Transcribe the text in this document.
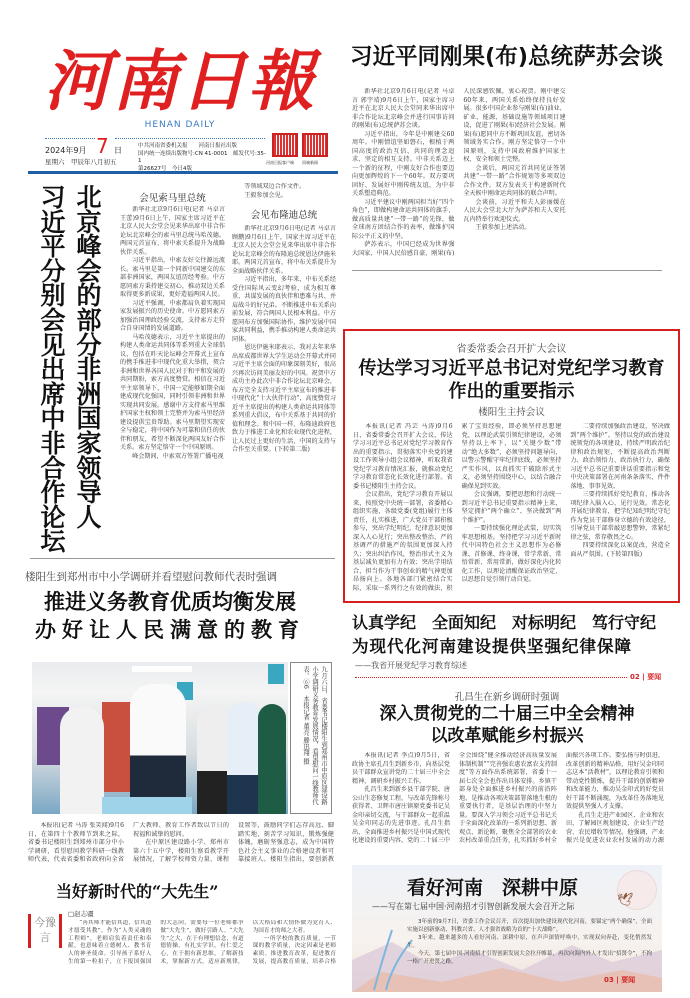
河南日報
HENAN DAILY
2024年9月 7 日
星期六　甲辰年八月初五
中共河南省委机关报　　河南日报社出版
国内统一连续出版物号:CN 41-0001　邮发代号:35-1
第26627号　今日4版
河南日报客户端 顶端新闻
习近平同刚果(布)总统萨苏会谈

新华社北京9月6日电(记者 马卓言 郭宇靖)9月6日上午，国家主席习近平在北京人民大会堂同来华出席中非合作论坛北京峰会并进行国事访问的刚果(布)总统萨苏会谈。

习近平指出，今年是中刚建交60周年。中刚情谊坚如磐石，根植于两国高度的政治互信、共同的理念追求、坚定的相互支持。中非关系迈上一个新的征程，中刚友好合作也要迈向更加辉煌的下一个60年。双方要巩固好、发展好中刚传统友谊，为中非关系塑造典范。

习近平建议中刚两国担当好“四个角色”，即做构建命运共同体的旗手，做高质量共建“一带一路”的先锋，做全球南方团结合作的表率，做维护国际公平正义的中坚。

萨苏表示，中国已经成为世界强大国家，中国人民倍感自豪，刚果(布)人民深感钦佩，衷心祝贺。刚中建交60年来，两国关系始终保持良好发展。很多中国企业参与刚果(布)油业、矿业、能源、基础设施等领域项目建设，促进了刚果(布)经济社会发展。刚果(布)愿同中方不断巩固友谊，密切各领域务实合作。刚方坚定恪守一个中国原则，支持中国政府维护国家主权、安全和领土完整。

会谈后，两国元首共同见证签署共建“一带一路”合作规划等多项双边合作文件。双方发表关于构建新时代全天候中刚命运共同体的联合声明。

会谈前，习近平和夫人彭丽媛在人民大会堂北大厅为萨苏和夫人安托瓦内特举行欢迎仪式。

王毅参加上述活动。

习近平分别会见出席中非合作论坛
北京峰会的部分非洲国家领导人
会见索马里总统

新华社北京9月6日电(记者 马卓言 王蕾)9月6日上午，国家主席习近平在北京人民大会堂会见来华出席中非合作论坛北京峰会的索马里总统马哈茂德。两国元首宣布，将中索关系提升为战略伙伴关系。

习近平指出，中索友好交往源远流长。索马里是第一个同新中国建交的东部非洲国家，两国友谊历经考验。中方愿同索方秉持建交初心，推动双边关系取得更多新成果，更好造福两国人民。

习近平强调，中索都肩负着实现国家发展振兴的历史使命。中方愿同索方加强治国理政经验交流，支持索方走符合自身国情的发展道路。

马哈茂德表示，习近平主席提出的构建人类命运共同体等系列重大全球倡议，包括在昨天论坛峰会开幕式上宣布的携手推进非中现代化重大举措，契合非洲和世界各国人民对于和平和发展的共同期盼，索方高度赞赏。相信在习近平主席领导下，中国一定能够如期全面建成现代化强国，同时引领非洲和世界实现共同发展。感谢中方支持索马里维护国家主权和领土完整并为索马里经济建设提供宝贵帮助。索马里期望实现安全与稳定，将中国作为可靠和信任的伙伴和朋友，希望不断深化两国友好合作关系。索方坚定恪守一个中国原则。

峰会期间，中索双方签署广播电视

等领域双边合作文件。

王毅参加会见。

会见布隆迪总统

新华社北京9月6日电(记者 马卓言 顾鹏)9月6日上午，国家主席习近平在北京人民大会堂会见来华出席中非合作论坛北京峰会的布隆迪总统恩达伊施米耶。两国元首宣布，将中布关系提升为全面战略伙伴关系。

习近平指出，多年来，中布关系经受住国际风云变幻考验，成为相互尊重、共谋发展的真伙伴和患难与共、并肩战斗的好兄弟。不断推进中布关系向前发展，符合两国人民根本利益。中方愿同布方加强国际协作，维护发展中国家共同利益，携手推动构建人类命运共同体。

恩达伊施米耶表示，我对去年来华出席成都世界大学生运动会开幕式并同习近平主席会面的印象深刻美好，很高兴再次访问美丽友好的中国。祝贺中方成功主办此次中非合作论坛北京峰会，布方完全支持习近平主席宣布的推进非中现代化“十大伙伴行动”，高度赞赏习近平主席提出的构建人类命运共同体等系列重大倡议，布中关系基于共同的价值和理念。和中国一样，布隆迪政府也致力于推进工业化和农业现代化进程，让人民过上更好的生活，中国的支持与合作至关重要。(下转第二版)

省委常委会召开扩大会议
传达学习习近平总书记对党纪学习教育
作出的重要指示
楼阳生主持会议

本报讯(记者 冯芸 马涛)9月6日，省委常委会召开扩大会议，传达学习习近平总书记对党纪学习教育作出的重要指示，贯彻落实中央党的建设工作领导小组会议精神，听取我省党纪学习教育情况汇报，就推动党纪学习教育常态化长效化进行部署。省委书记楼阳生主持会议。

会议指出，党纪学习教育开展以来，按照党中央统一部署，省委精心组织实施，各级党委(党组)履行主体责任，扎实推进，广大党员干部积极参与，突出学纪明纪，纪律意识更加深入人心见行；突出整改整治，严的基调严的措施严的氛围更加深入持久；突出纠治作风，整治形式主义为基层减负更加有力有效；突出学用结合，担当作为干事创业的精气神更加昂扬向上。各地各部门紧密结合实际，采取一系列行之有效的做法，积累了宝贵经验，即必须坚持思想建党，以理论武装引领纪律建设，必须坚持以上率下，以“关键少数”带动“绝大多数”，必须坚持问题导向，以警示警醒守牢纪律底线，必须坚持严实作风，以真抓实干破除形式主义，必须坚持围绕中心，以结合融合确保见到实效。

会议强调，要把思想和行动统一到习近平总书记重要指示精神上来，坚定拥护“两个确立”、坚决做到“两个维护”。

一要持续强化理论武装，切实筑牢思想根基。坚持把学习习近平新时代中国特色社会主义思想作为必修课、首修课、终身课，常学常新、常悟常新、常用常新，做好深化内化转化工作，以理论清醒保证政治坚定，以思想自觉引领行动自觉。

二要持续加强政治建设，坚决做到“两个维护”。坚持以党的政治建设统领党的各项建设，持续严明政治纪律和政治规矩，不断提高政治判断力、政治领悟力、政治执行力，确保习近平总书记重要讲话重要指示和党中央决策部署在河南条条落实、件件落地、事事见效。

三要持续抓好党纪教育，推动各项纪律入脑入心、见行见效。常态化开展纪律教育，把学纪知纪明纪守纪作为党员干部修身立德的有效途径，引导党员干部常敲思想警钟，常紧纪律之弦，常存敬畏之心。

四要持续深化以案促改，营造全面从严氛围。(下转第四版)

认真学纪　全面知纪　对标明纪　笃行守纪
为现代化河南建设提供坚强纪律保障
——我省开展党纪学习教育综述
02 | 要闻
孔昌生在新乡调研时强调
深入贯彻党的二十届三中全会精神
以改革赋能乡村振兴

本报讯(记者 李点)9月5日，省政协主席孔昌生到新乡市，向基层党员干部群众宣讲党的二十届三中全会精神，调研乡村振兴工作。

孔昌生来到新乡县干部学院、唐公山生态修复工程，与改革先锋称号获得者、卫辉市唐庄镇原党委书记吴金印亲切交流，与干部群众一起重温吴金印同志的先进事迹。孔昌生指出，全面推进乡村振兴是中国式现代化建设的重要内容，党的二十届三中全会围绕“健全推动经济高质量发展体制机制”“完善强农惠农富农支持制度”等方面作出系统部署，省委十一届七次全会也作出具体安排。乡镇干部身处全面推进乡村振兴的前沿阵地，是推动各项决策部署落地生根的重要执行者，是基层治理的中坚力量。要深入学习领会习近平总书记关于全面深化改革的一系列新思想、新观点、新论断，聚焦全会部署的农业农村改革重点任务，扎实抓好乡村全面振兴各项工作。要弘扬与时俱进、改革创新的精神品格，用好吴金印同志这本“活教材”，以理论教育引领和带动党性锻炼，提升干部的创新精神和改革能力，推动吴金印式的好党员好干部不断涌现，为改革任务落地见效提供坚强人才支撑。

孔昌生走进产业园区、企业和农田，了解园区规划建设、企业生产经营、农民增收等情况。他强调，产业振兴是促进农业农村发展的动力源

🕊
看好河南　深耕中原
——写在第七届中国·河南招才引智创新发展大会召开之际

3年前的9月7日，省委工作会议召开，首次提出加快建设现代化河南，要锚定“两个确保”，全面实施以创新驱动、科教兴省、人才强省战略为首的“十大战略”。

3年来，越来越多的人看好河南、深耕中原，在声声深情呼唤中，实现双向奔赴，变化悄然发生。

今天，第七届中国·河南招才引智创新发展大会拉开帷幕，再次向海内外人才发出“招贤令”，不拘一格广开进贤之路。

03 | 要闻
楼阳生到郑州市中小学调研并看望慰问教师代表时强调
推进义务教育优质均衡发展
办好让人民满意的教育
九月六日，省委书记楼阳生到郑州市中原区建设路小学调研义务教育发展情况，看望慰问一线教师代表。⑥6　本报记者 董亮 滕迅翔 摄

本报讯(记者 马涛 张笑闻)9月6日，在第四十个教师节到来之际，省委书记楼阳生到郑州市部分中小学调研，看望慰问教学科研一线教师代表，代表省委和省政府向全省广大教师、教育工作者致以节日的祝福和诚挚的慰问。

在中原区建设路小学、郑州市第六十五中学，楼阳生察看教学开展情况，了解学校师资力量、课程设置等，鼓励同学们志存高远、脚踏实地，刻苦学习知识，锻炼强健体魄，磨砺坚强意志，成为中国特色社会主义事业的合格建设者和可靠接班人。楼阳生指出，要创新教

当好新时代的“大先生”
今豫言
□赵志疆

“善其师才能信其道，信其道才愿受其教”。作为“人类灵魂的工程师”，老师肩负着责任和奉献，也意味着立德树人、教书育人的神圣使命。引导孩子系好人生的第一粒扣子，立下报国强国的大志向，需要每一位老师都争做“大先生”，做好引路人。“大先生”之大，在于有理想信念，有道德情操，有扎实学识，有仁爱之心，在于拥有新思维，了解新技术，掌握新方式，适应新规律，以大格局和大情怀做为党育人、为国育才的师之大者。

一所学校的教育质量，一节课的教学质量，决定因素是老师素质。推进教育改革，促进教育发展，提高教育质量，培养合格
